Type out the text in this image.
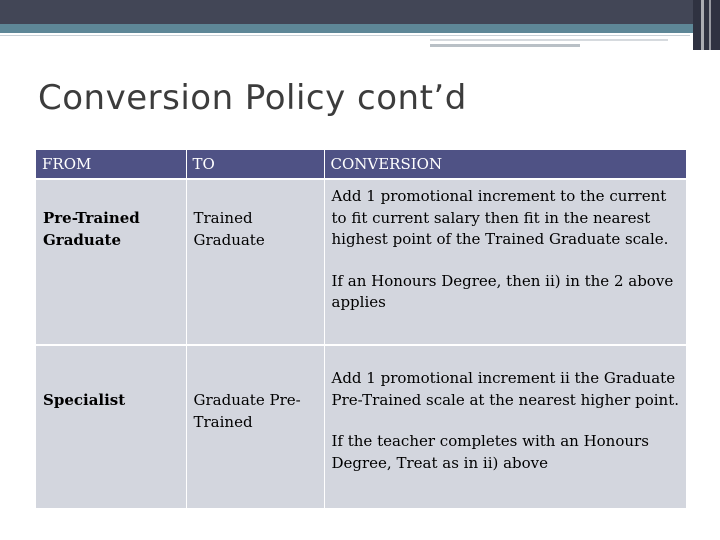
Conversion Policy cont’d
FROM	TO	CONVERSION

Pre-Trained Graduate	Trained Graduate	Add 1 promotional increment to the current to fit current salary then fit in the nearest highest point of the Trained Graduate scale.

If an Honours Degree, then ii) in the 2 above applies

Specialist	Graduate Pre-Trained	Add 1 promotional increment ii the Graduate Pre-Trained scale at the nearest higher point.

If the teacher completes with an Honours Degree, Treat as in ii) above
